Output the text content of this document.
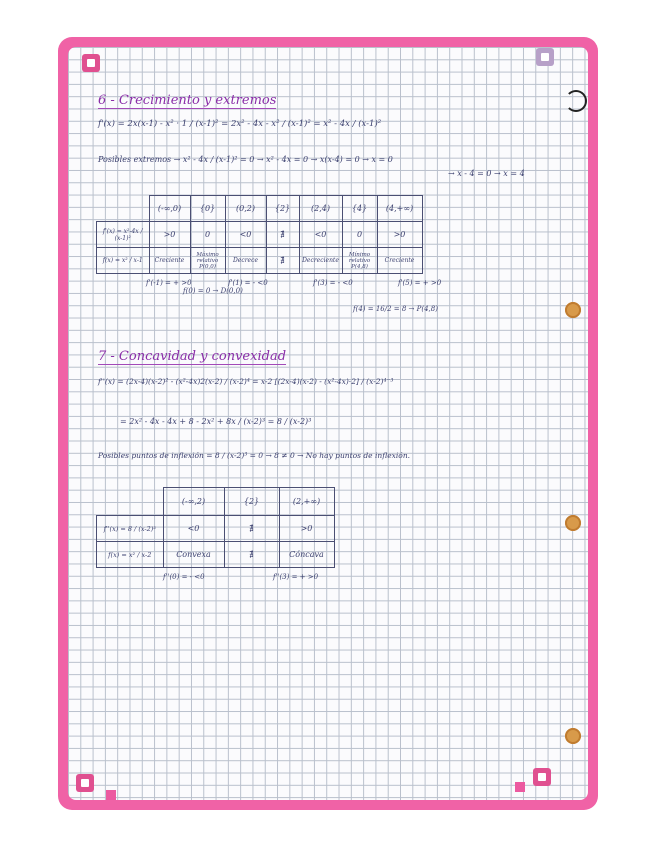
6 - Crecimiento y extremos
f'(x) = 2x(x-1) - x² · 1 / (x-1)² = 2x² - 4x - x² / (x-1)² = x² - 4x / (x-1)²
Posibles extremos → x² - 4x / (x-1)² = 0 → x² - 4x = 0 → x(x-4) = 0 → x = 0
→ x - 4 = 0 → x = 4
	(-∞,0)	{0}	(0,2)	{2}	(2,4)	{4}	(4,+∞)
f'(x) = x²-4x / (x-1)²	>0	0	<0	∄	<0	0	>0
f(x) = x² / x-1	Creciente	Máximo relativo P(0,0)	Decrece	∄	Decreciente	Mínimo relativo P(4,8)	Creciente
f'(-1) = + >0
f(0) = 0 → D(0,0)
f'(1) = - <0	f'(3) = - <0	f'(5) = + >0
f(4) = 16/2 = 8 → P(4,8)
7 - Concavidad y convexidad
f''(x) = (2x-4)(x-2)² - (x²-4x)2(x-2) / (x-2)⁴ = x-2 [(2x-4)(x-2) - (x²-4x)·2] / (x-2)⁴⁻³
= 2x² - 4x - 4x + 8 - 2x² + 8x / (x-2)³ = 8 / (x-2)³
Posibles puntos de inflexión = 8 / (x-2)³ = 0 → 8 ≠ 0 → No hay puntos de inflexión.
	(-∞,2)	{2}	(2,+∞)
f''(x) = 8 / (x-2)³	<0	∄	>0
f(x) = x² / x-2	Convexa	∄	Cóncava
f''(0) = - <0	f''(3) = + >0
